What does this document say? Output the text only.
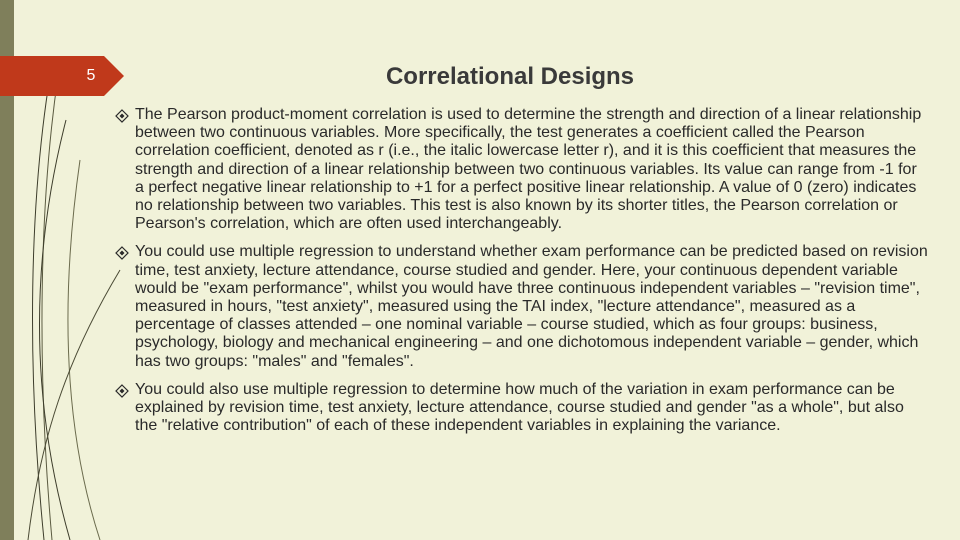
5	Correlational Designs
The Pearson product-moment correlation is used to determine the strength and direction of a linear relationship between two continuous variables. More specifically, the test generates a coefficient called the Pearson correlation coefficient, denoted as r (i.e., the italic lowercase letter r), and it is this coefficient that measures the strength and direction of a linear relationship between two continuous variables. Its value can range from -1 for a perfect negative linear relationship to +1 for a perfect positive linear relationship. A value of 0 (zero) indicates no relationship between two variables. This test is also known by its shorter titles, the Pearson correlation or Pearson's correlation, which are often used interchangeably.
You could use multiple regression to understand whether exam performance can be predicted based on revision time, test anxiety, lecture attendance, course studied and gender. Here, your continuous dependent variable would be "exam performance", whilst you would have three continuous independent variables – "revision time", measured in hours, "test anxiety", measured using the TAI index, "lecture attendance", measured as a percentage of classes attended – one nominal variable – course studied, which as four groups: business, psychology, biology and mechanical engineering – and one dichotomous independent variable – gender, which has two groups: "males" and "females".
You could also use multiple regression to determine how much of the variation in exam performance can be explained by revision time, test anxiety, lecture attendance, course studied and gender "as a whole", but also the "relative contribution" of each of these independent variables in explaining the variance.
